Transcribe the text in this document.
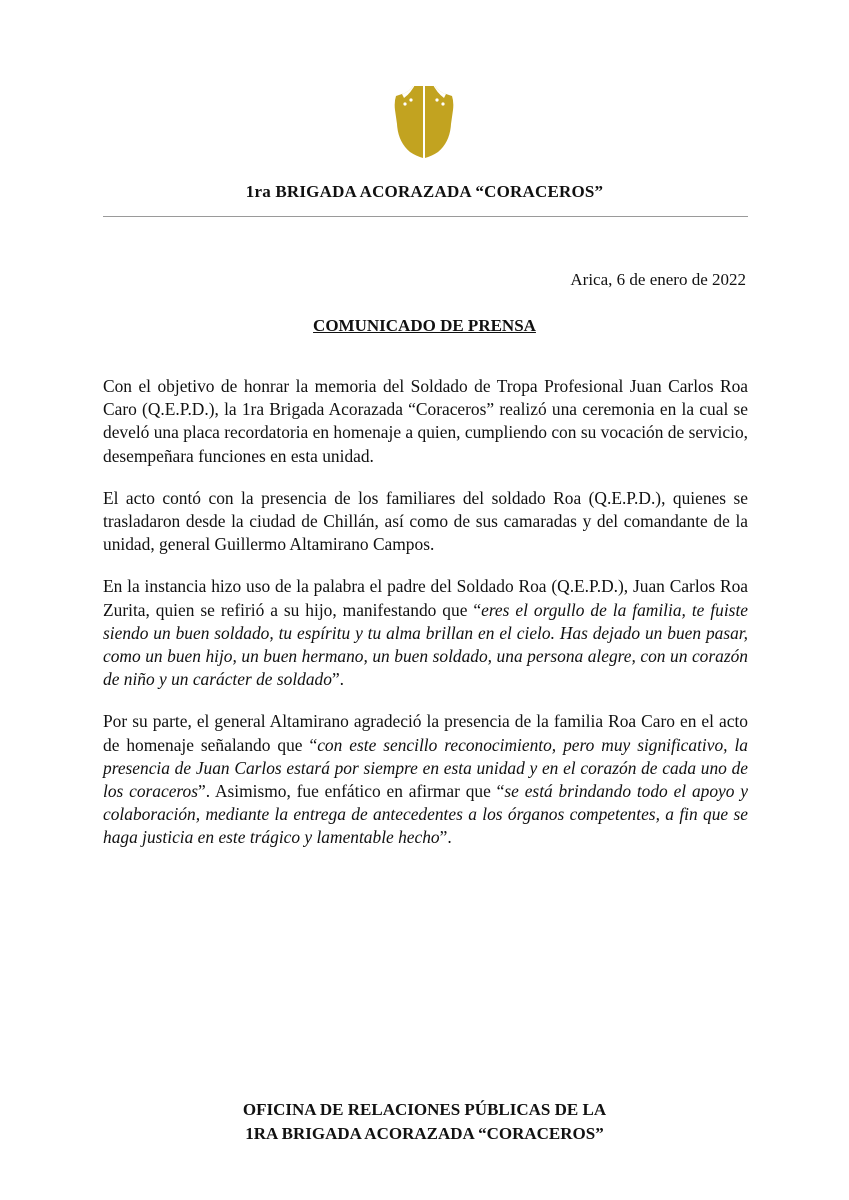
1ra BRIGADA ACORAZADA “CORACEROS”
Arica, 6 de enero de 2022
COMUNICADO DE PRENSA

Con el objetivo de honrar la memoria del Soldado de Tropa Profesional Juan Carlos Roa Caro (Q.E.P.D.), la 1ra Brigada Acorazada “Coraceros” realizó una ceremonia en la cual se develó una placa recordatoria en homenaje a quien, cumpliendo con su vocación de servicio, desempeñara funciones en esta unidad.

El acto contó con la presencia de los familiares del soldado Roa (Q.E.P.D.), quienes se trasladaron desde la ciudad de Chillán, así como de sus camaradas y del comandante de la unidad, general Guillermo Altamirano Campos.

En la instancia hizo uso de la palabra el padre del Soldado Roa (Q.E.P.D.), Juan Carlos Roa Zurita, quien se refirió a su hijo, manifestando que “eres el orgullo de la familia, te fuiste siendo un buen soldado, tu espíritu y tu alma brillan en el cielo. Has dejado un buen pasar, como un buen hijo, un buen hermano, un buen soldado, una persona alegre, con un corazón de niño y un carácter de soldado”.

Por su parte, el general Altamirano agradeció la presencia de la familia Roa Caro en el acto de homenaje señalando que “con este sencillo reconocimiento, pero muy significativo, la presencia de Juan Carlos estará por siempre en esta unidad y en el corazón de cada uno de los coraceros”. Asimismo, fue enfático en afirmar que “se está brindando todo el apoyo y colaboración, mediante la entrega de antecedentes a los órganos competentes, a fin que se haga justicia en este trágico y lamentable hecho”.

OFICINA DE RELACIONES PÚBLICAS DE LA
1RA BRIGADA ACORAZADA “CORACEROS”
